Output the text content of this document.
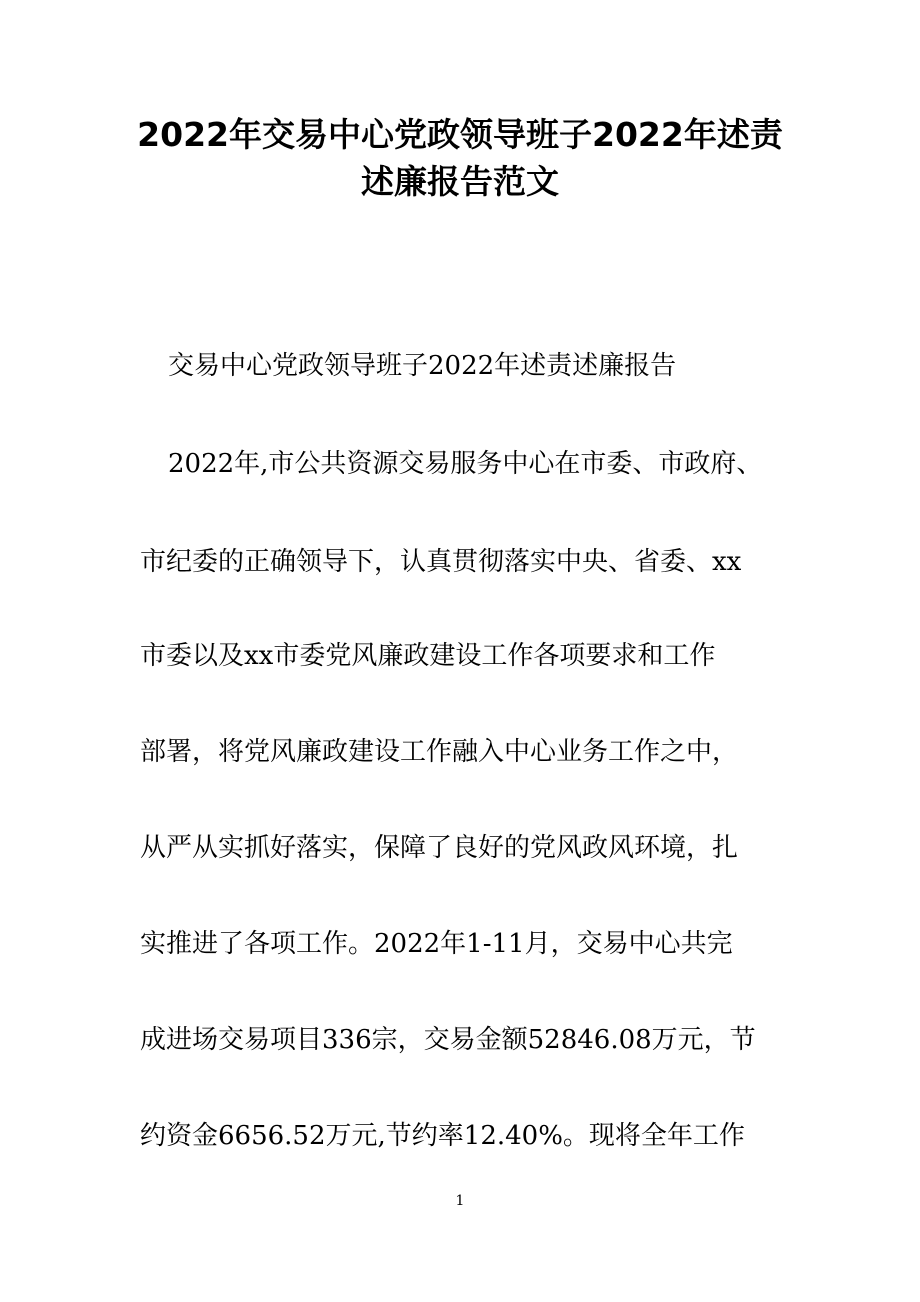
2022年交易中心党政领导班子2022年述责
述廉报告范文

交易中心党政领导班子2022年述责述廉报告

2022年,市公共资源交易服务中心在市委、市政府、

市纪委的正确领导下，认真贯彻落实中央、省委、xx

市委以及xx市委党风廉政建设工作各项要求和工作

部署，将党风廉政建设工作融入中心业务工作之中，

从严从实抓好落实，保障了良好的党风政风环境，扎

实推进了各项工作。2022年1-11月，交易中心共完

成进场交易项目336宗，交易金额52846.08万元，节

约资金6656.52万元,节约率12.40%。现将全年工作

1
